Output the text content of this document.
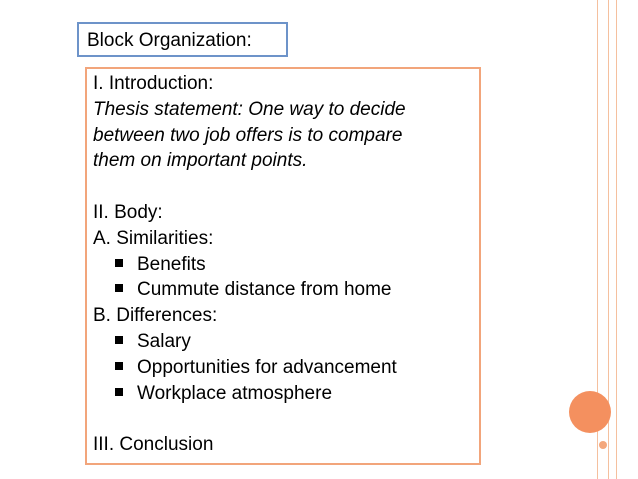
Block Organization:
I. Introduction:
Thesis statement: One way to decide
between two job offers is to compare
them on important points.
II. Body:
A. Similarities:
Benefits
Cummute distance from home
B. Differences:
Salary
Opportunities for advancement
Workplace atmosphere
III. Conclusion
